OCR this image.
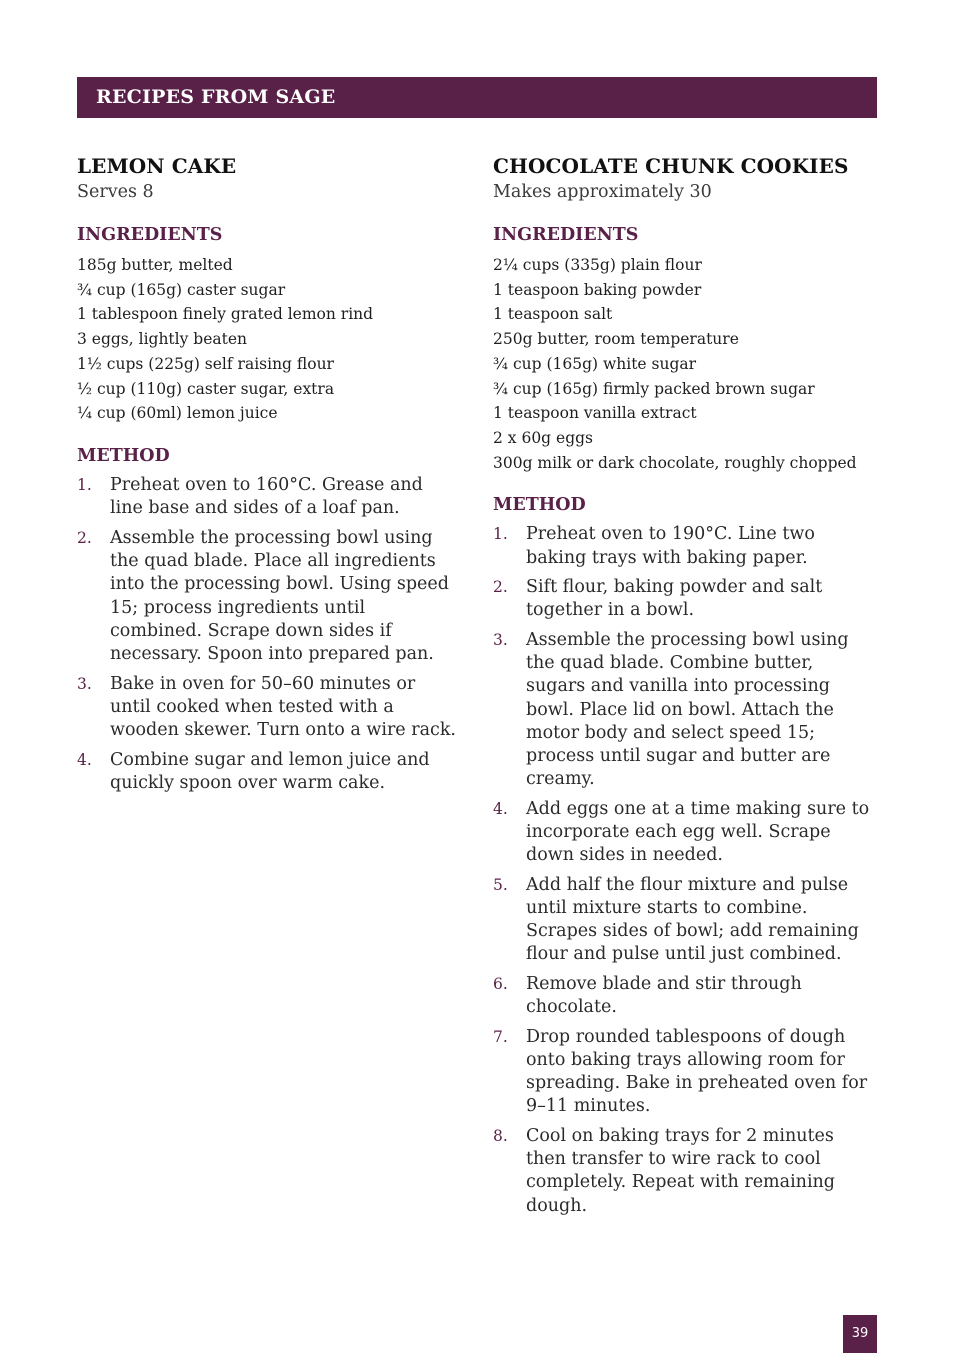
RECIPES FROM SAGE
LEMON CAKE

Serves 8

INGREDIENTS
185g butter, melted
¾ cup (165g) caster sugar
1 tablespoon finely grated lemon rind
3 eggs, lightly beaten
1½ cups (225g) self raising flour
½ cup (110g) caster sugar, extra
¼ cup (60ml) lemon juice
METHOD
1. Preheat oven to 160°C. Grease and line base and sides of a loaf pan.
2. Assemble the processing bowl using the quad blade. Place all ingredients into the processing bowl. Using speed 15; process ingredients until combined. Scrape down sides if necessary. Spoon into prepared pan.
3. Bake in oven for 50–60 minutes or until cooked when tested with a wooden skewer. Turn onto a wire rack.
4. Combine sugar and lemon juice and quickly spoon over warm cake.
CHOCOLATE CHUNK COOKIES

Makes approximately 30

INGREDIENTS
2¼ cups (335g) plain flour
1 teaspoon baking powder
1 teaspoon salt
250g butter, room temperature
¾ cup (165g) white sugar
¾ cup (165g) firmly packed brown sugar
1 teaspoon vanilla extract
2 x 60g eggs
300g milk or dark chocolate, roughly chopped
METHOD
1. Preheat oven to 190°C. Line two baking trays with baking paper.
2. Sift flour, baking powder and salt together in a bowl.
3. Assemble the processing bowl using the quad blade. Combine butter, sugars and vanilla into processing bowl. Place lid on bowl. Attach the motor body and select speed 15; process until sugar and butter are creamy.
4. Add eggs one at a time making sure to incorporate each egg well. Scrape down sides in needed.
5. Add half the flour mixture and pulse until mixture starts to combine. Scrapes sides of bowl; add remaining flour and pulse until just combined.
6. Remove blade and stir through chocolate.
7. Drop rounded tablespoons of dough onto baking trays allowing room for spreading. Bake in preheated oven for 9–11 minutes.
8. Cool on baking trays for 2 minutes then transfer to wire rack to cool completely. Repeat with remaining dough.
39
